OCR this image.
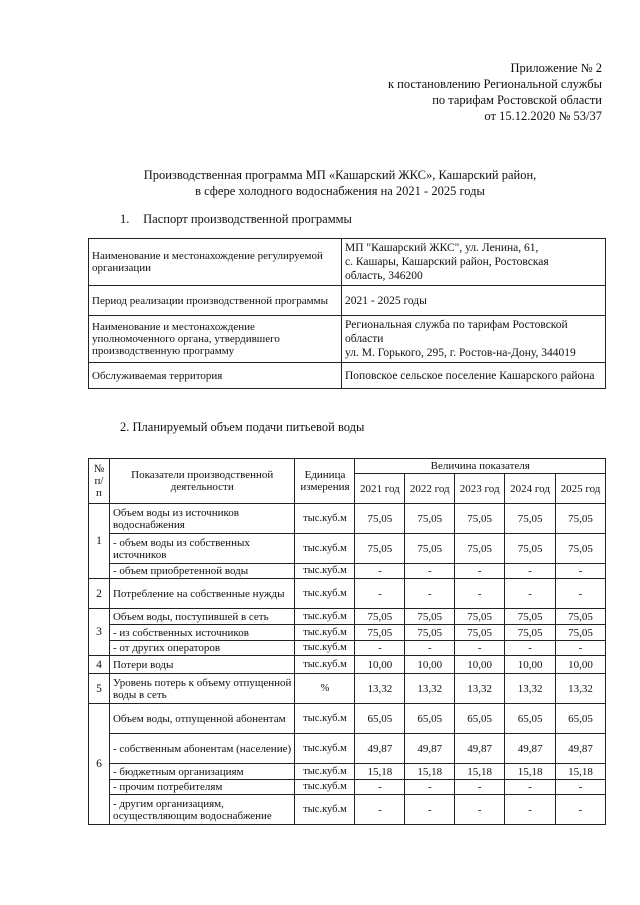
Приложение № 2
к постановлению Региональной службы
по тарифам Ростовской области
от 15.12.2020 № 53/37
Производственная программа МП «Кашарский ЖКС», Кашарский район,
в сфере холодного водоснабжения на 2021 - 2025 годы
1. Паспорт производственной программы
Наименование и местонахождение регулируемой организации	МП "Кашарский ЖКС", ул. Ленина, 61,
с. Кашары, Кашарский район, Ростовская
область, 346200

Период реализации производственной программы	2021 - 2025 годы

Наименование и местонахождение уполномоченного органа, утвердившего производственную программу	Региональная служба по тарифам Ростовской
области
ул. М. Горького, 295, г. Ростов-на-Дону, 344019

Обслуживаемая территория	Поповское сельское поселение Кашарского района
2. Планируемый объем подачи питьевой воды
№ п/п	Показатели производственной деятельности	Единица измерения	Величина показателя				
			2021 год	2022 год	2023 год	2024 год	2025 год
1	Объем воды из источников водоснабжения	тыс.куб.м	75,05	75,05	75,05	75,05	75,05
	- объем воды из собственных источников	тыс.куб.м	75,05	75,05	75,05	75,05	75,05
	- объем приобретенной воды	тыс.куб.м	-	-	-	-	-
2	Потребление на собственные нужды	тыс.куб.м	-	-	-	-	-
3	Объем воды, поступившей в сеть	тыс.куб.м	75,05	75,05	75,05	75,05	75,05
	- из собственных источников	тыс.куб.м	75,05	75,05	75,05	75,05	75,05
	- от других операторов	тыс.куб.м	-	-	-	-	-
4	Потери воды	тыс.куб.м	10,00	10,00	10,00	10,00	10,00
5	Уровень потерь к объему отпущенной воды в сеть	%	13,32	13,32	13,32	13,32	13,32
6	Объем воды, отпущенной абонентам	тыс.куб.м	65,05	65,05	65,05	65,05	65,05
	- собственным абонентам (население)	тыс.куб.м	49,87	49,87	49,87	49,87	49,87
	- бюджетным организациям	тыс.куб.м	15,18	15,18	15,18	15,18	15,18
	- прочим потребителям	тыс.куб.м	-	-	-	-	-
	- другим организациям, осуществляющим водоснабжение	тыс.куб.м	-	-	-	-	-
